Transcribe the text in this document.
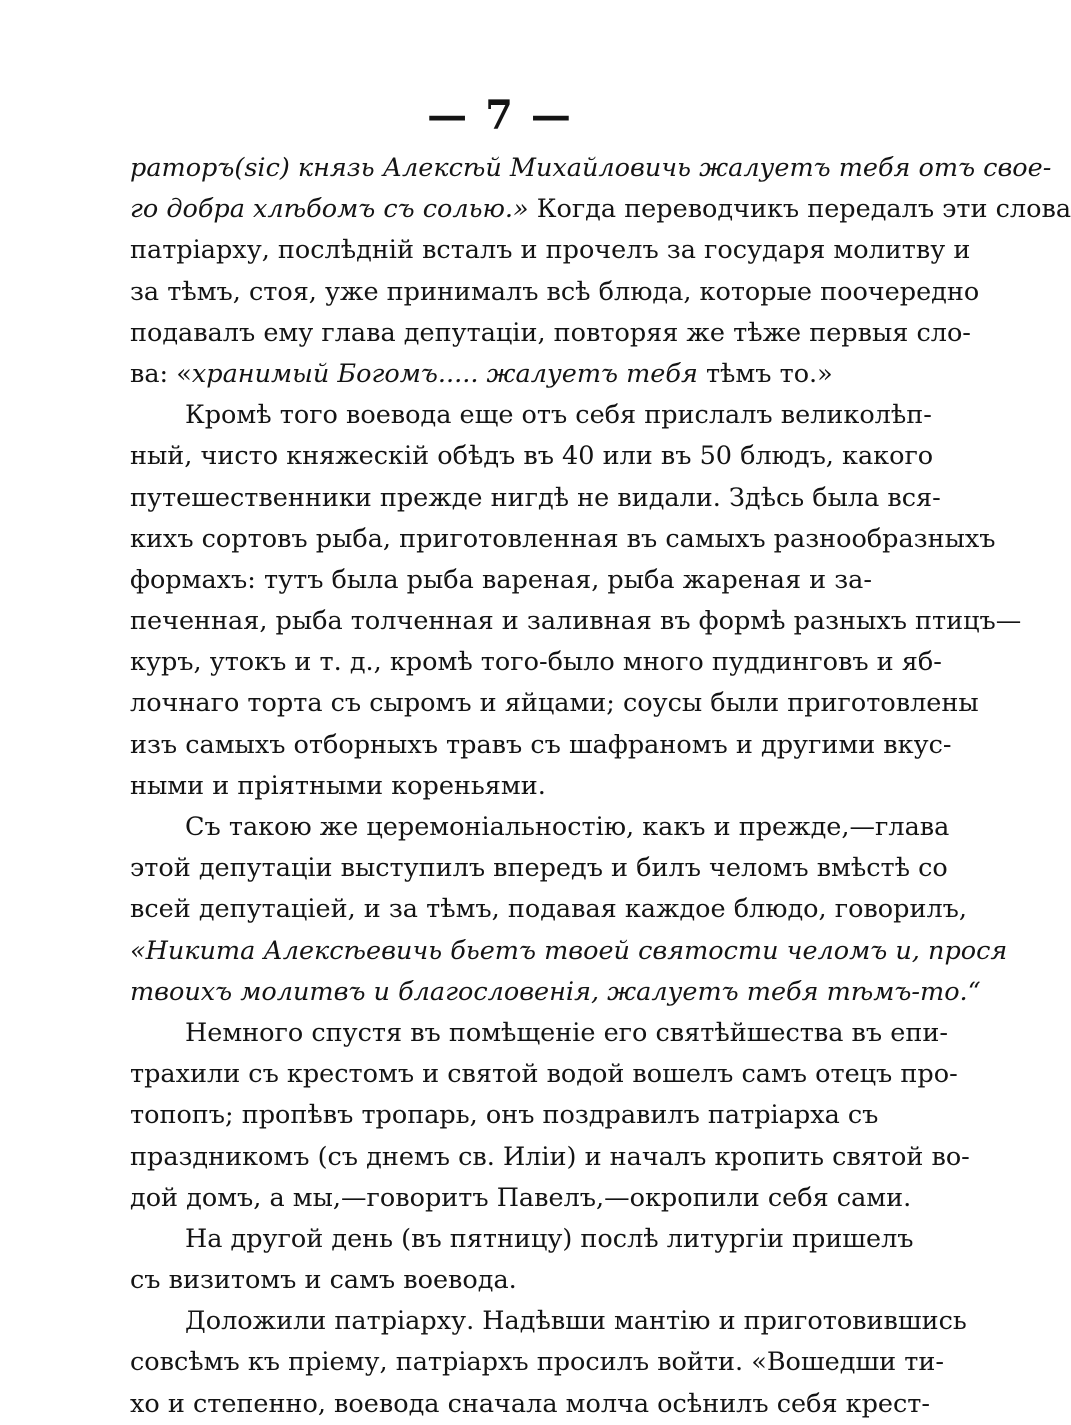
— 7 —
раторъ(sic) князь Алексѣй Михайловичь жалуетъ тебя отъ свое-
го добра хлѣбомъ съ солью.» Когда переводчикъ передалъ эти слова
патріарху, послѣдній всталъ и прочелъ за государя молитву и
за тѣмъ, стоя, уже принималъ всѣ блюда, которые поочередно
подавалъ ему глава депутаціи, повторяя же тѣже первыя сло-
ва: «хранимый Богомъ..... жалуетъ тебя тѣмъ то.»
Кромѣ того воевода еще отъ себя прислалъ великолѣп-
ный, чисто княжескій обѣдъ въ 40 или въ 50 блюдъ, какого
путешественники прежде нигдѣ не видали. Здѣсь была вся-
кихъ сортовъ рыба, приготовленная въ самыхъ разнообразныхъ
формахъ: тутъ была рыба вареная, рыба жареная и за-
печенная, рыба толченная и заливная въ формѣ разныхъ птицъ—
куръ, утокъ и т. д., кромѣ того-было много пуддинговъ и яб-
лочнаго торта съ сыромъ и яйцами; соусы были приготовлены
изъ самыхъ отборныхъ травъ съ шафраномъ и другими вкус-
ными и пріятными кореньями.
Съ такою же церемоніальностію, какъ и прежде,—глава
этой депутаціи выступилъ впередъ и билъ челомъ вмѣстѣ со
всей депутаціей, и за тѣмъ, подавая каждое блюдо, говорилъ,
«Никита Алексѣевичь бьетъ твоей святости челомъ и, прося
твоихъ молитвъ и благословенія, жалуетъ тебя тѣмъ-то.“
Немного спустя въ помѣщеніе его святѣйшества въ епи-
трахили съ крестомъ и святой водой вошелъ самъ отецъ про-
топопъ; пропѣвъ тропарь, онъ поздравилъ патріарха съ
праздникомъ (съ днемъ св. Иліи) и началъ кропить святой во-
дой домъ, а мы,—говоритъ Павелъ,—окропили себя сами.
На другой день (въ пятницу) послѣ литургіи пришелъ
съ визитомъ и самъ воевода.
Доложили патріарху. Надѣвши мантію и приготовившись
совсѣмъ къ пріему, патріархъ просилъ войти. «Вошедши ти-
хо и степенно, воевода сначала молча осѣнилъ себя крест-
